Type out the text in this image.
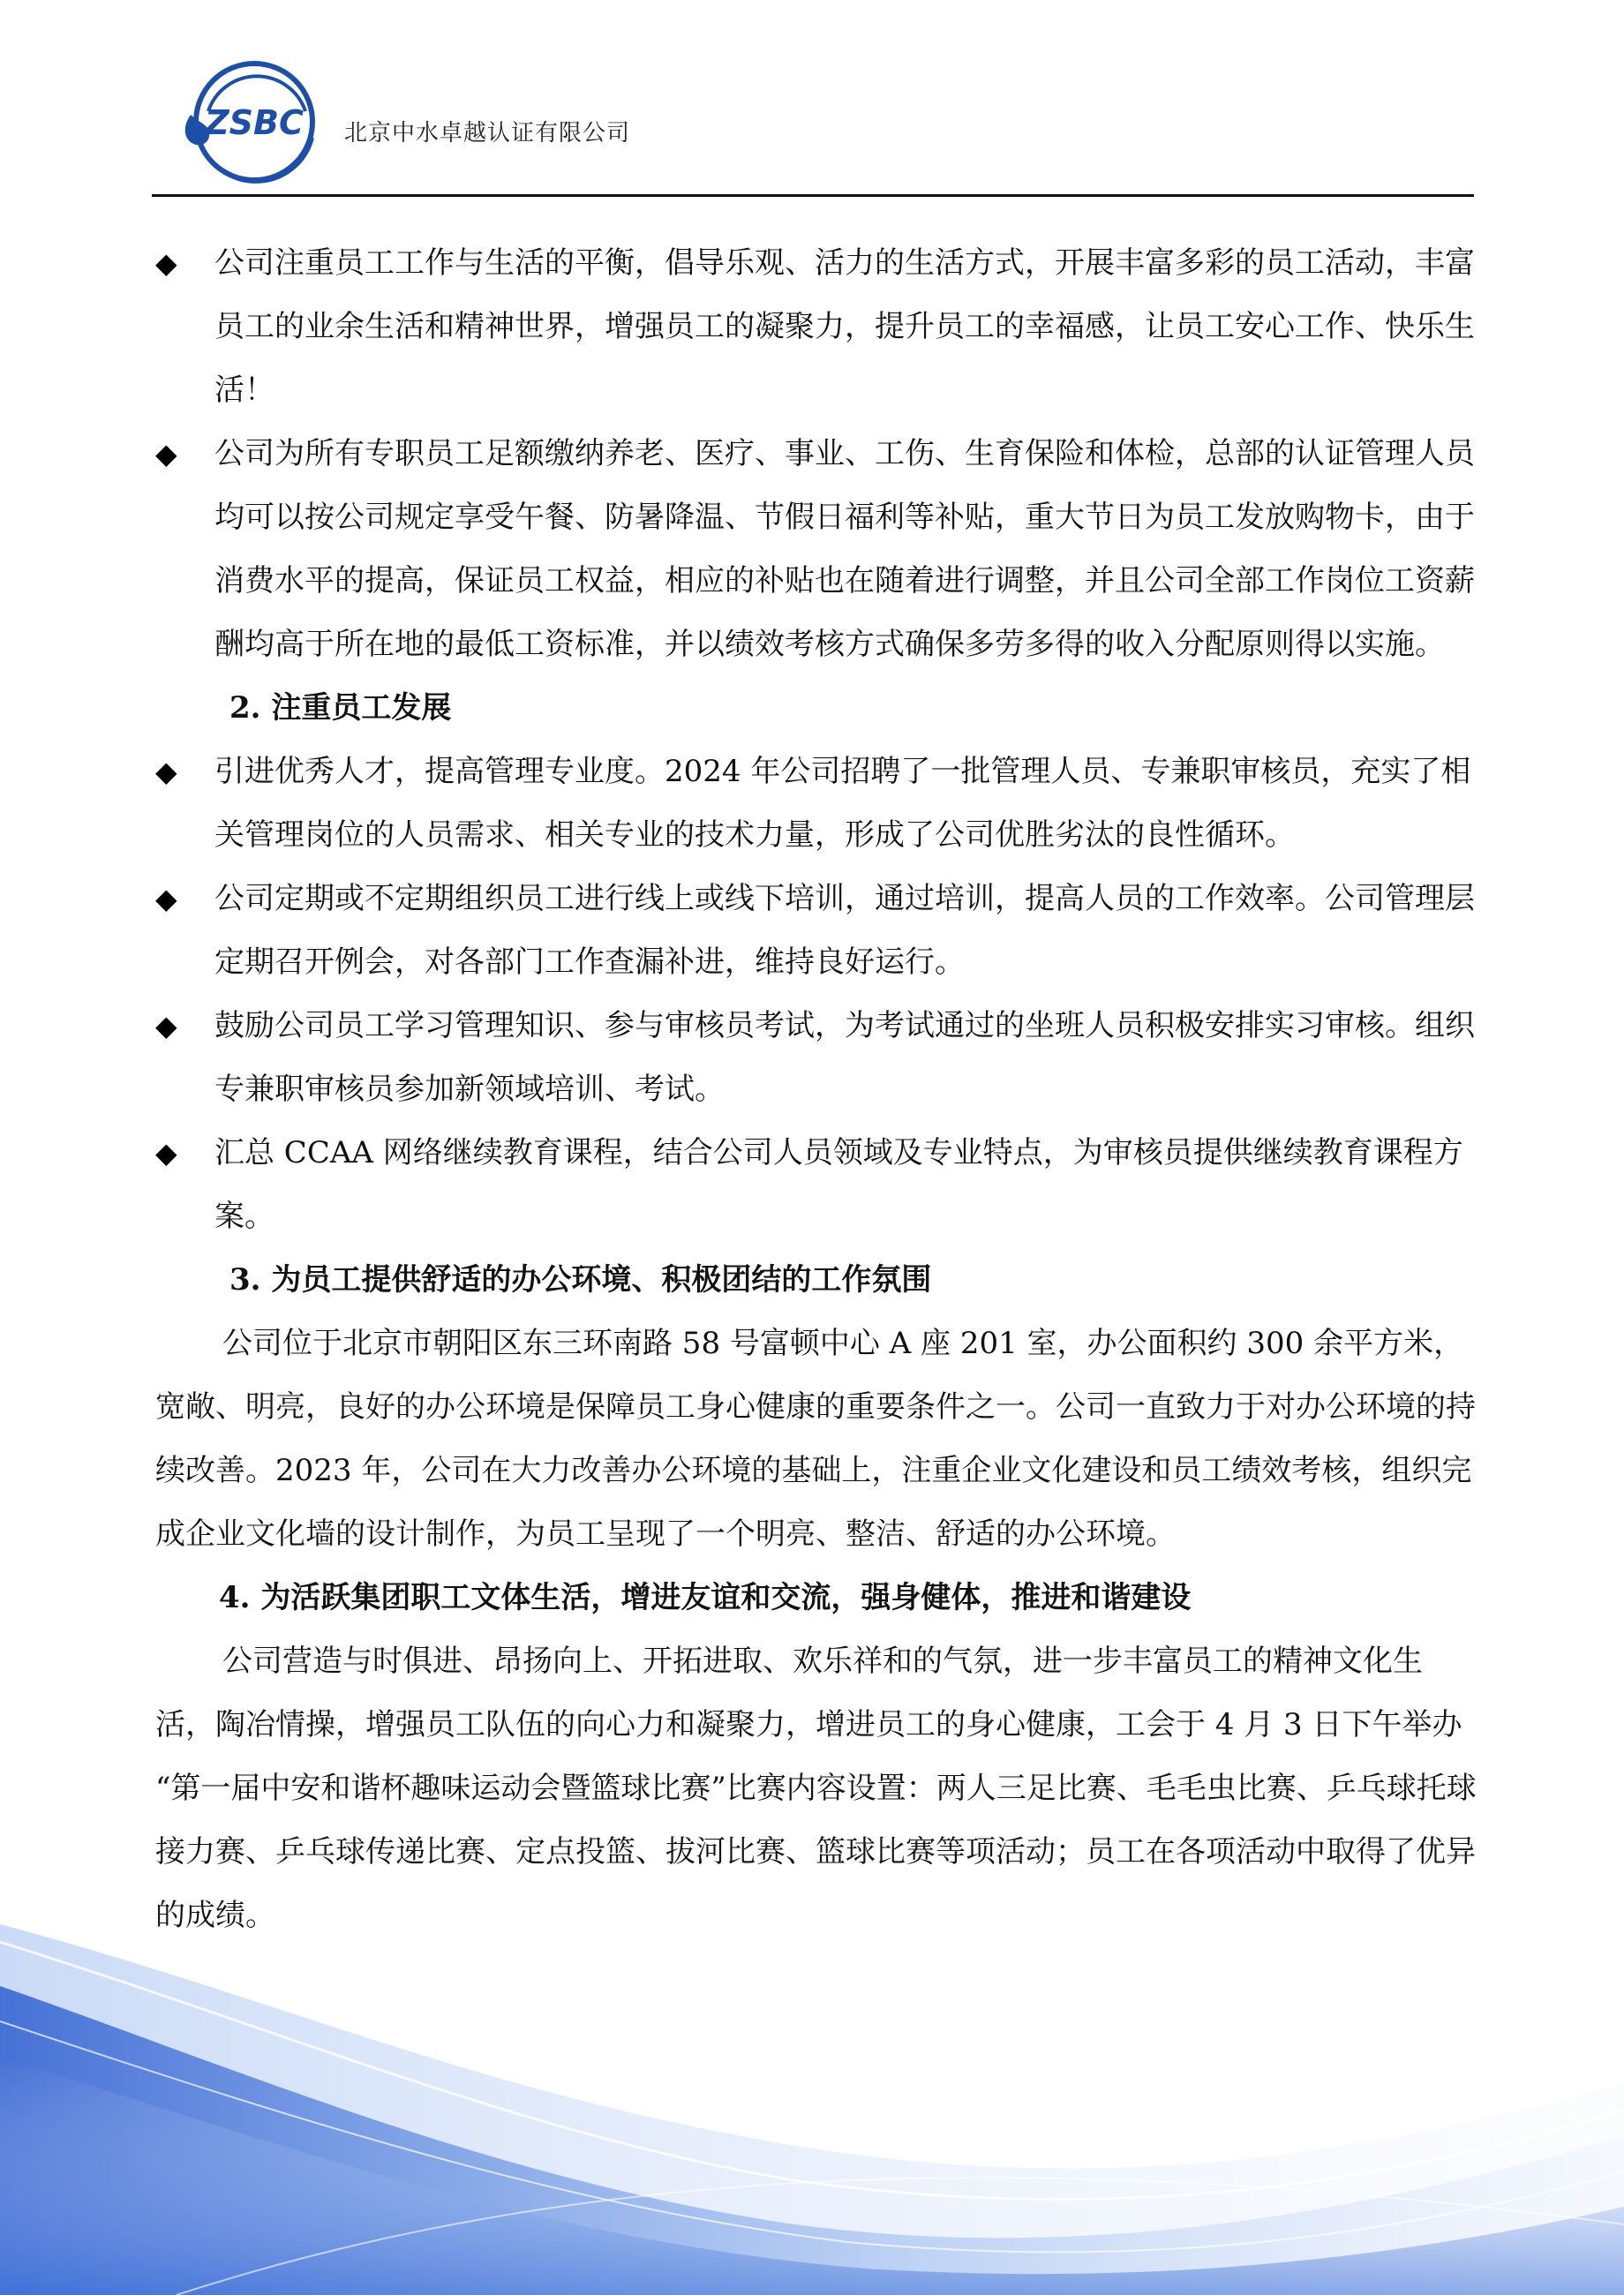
ZSBC 北京中水卓越认证有限公司
◆ 公司注重员工工作与生活的平衡，倡导乐观、活力的生活方式，开展丰富多彩的员工活动，丰富员工的业余生活和精神世界，增强员工的凝聚力，提升员工的幸福感，让员工安心工作、快乐生活！

◆ 公司为所有专职员工足额缴纳养老、医疗、事业、工伤、生育保险和体检，总部的认证管理人员均可以按公司规定享受午餐、防暑降温、节假日福利等补贴，重大节日为员工发放购物卡，由于消费水平的提高，保证员工权益，相应的补贴也在随着进行调整，并且公司全部工作岗位工资薪酬均高于所在地的最低工资标准，并以绩效考核方式确保多劳多得的收入分配原则得以实施。

2. 注重员工发展

◆ 引进优秀人才，提高管理专业度。2024 年公司招聘了一批管理人员、专兼职审核员，充实了相关管理岗位的人员需求、相关专业的技术力量，形成了公司优胜劣汰的良性循环。

◆ 公司定期或不定期组织员工进行线上或线下培训，通过培训，提高人员的工作效率。公司管理层定期召开例会，对各部门工作查漏补进，维持良好运行。

◆ 鼓励公司员工学习管理知识、参与审核员考试，为考试通过的坐班人员积极安排实习审核。组织专兼职审核员参加新领域培训、考试。

◆ 汇总 CCAA 网络继续教育课程，结合公司人员领域及专业特点，为审核员提供继续教育课程方案。

3. 为员工提供舒适的办公环境、积极团结的工作氛围

公司位于北京市朝阳区东三环南路 58 号富顿中心 A 座 201 室，办公面积约 300 余平方米，宽敞、明亮，良好的办公环境是保障员工身心健康的重要条件之一。公司一直致力于对办公环境的持续改善。2023 年，公司在大力改善办公环境的基础上，注重企业文化建设和员工绩效考核，组织完成企业文化墙的设计制作，为员工呈现了一个明亮、整洁、舒适的办公环境。

4. 为活跃集团职工文体生活，增进友谊和交流，强身健体，推进和谐建设

公司营造与时俱进、昂扬向上、开拓进取、欢乐祥和的气氛，进一步丰富员工的精神文化生活，陶冶情操，增强员工队伍的向心力和凝聚力，增进员工的身心健康，工会于 4 月 3 日下午举办 “第一届中安和谐杯趣味运动会暨篮球比赛”比赛内容设置：两人三足比赛、毛毛虫比赛、乒乓球托球接力赛、乒乓球传递比赛、定点投篮、拔河比赛、篮球比赛等项活动；员工在各项活动中取得了优异的成绩。
